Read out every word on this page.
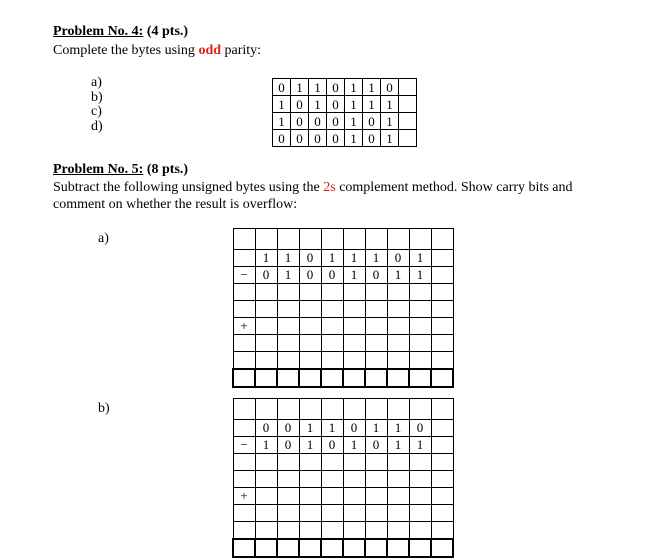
Problem No. 4: (4 pts.)
Complete the bytes using odd parity:
a)
b)
c)
d)
0	1	1	0	1	1	0	
1	0	1	0	1	1	1	
1	0	0	0	1	0	1	
0	0	0	0	1	0	1	
Problem No. 5: (8 pts.)
Subtract the following unsigned bytes using the 2s complement method. Show carry bits and
comment on whether the result is overflow:
a)

	1	1	0	1	1	1	0	1	
−	0	1	0	0	1	0	1	1	

+									

b)

	0	0	1	1	0	1	1	0	
−	1	0	1	0	1	0	1	1	

+									
